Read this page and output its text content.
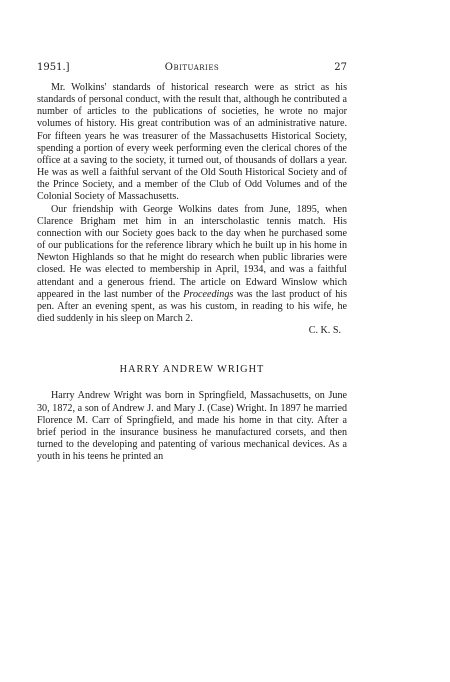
1951.]	Obituaries	27

Mr. Wolkins' standards of historical research were as strict as his standards of personal conduct, with the result that, although he contributed a number of articles to the publications of societies, he wrote no major volumes of history. His great contribution was of an administrative nature. For fifteen years he was treasurer of the Massachusetts Historical Society, spending a portion of every week performing even the clerical chores of the office at a saving to the society, it turned out, of thousands of dollars a year. He was as well a faithful servant of the Old South Historical Society and of the Prince Society, and a member of the Club of Odd Volumes and of the Colonial Society of Massachusetts.

Our friendship with George Wolkins dates from June, 1895, when Clarence Brigham met him in an interscholastic tennis match. His connection with our Society goes back to the day when he purchased some of our publications for the reference library which he built up in his home in Newton Highlands so that he might do research when public libraries were closed. He was elected to membership in April, 1934, and was a faithful attendant and a generous friend. The article on Edward Winslow which appeared in the last number of the Proceedings was the last product of his pen. After an evening spent, as was his custom, in reading to his wife, he died suddenly in his sleep on March 2.

C. K. S.

HARRY ANDREW WRIGHT

Harry Andrew Wright was born in Springfield, Massachusetts, on June 30, 1872, a son of Andrew J. and Mary J. (Case) Wright. In 1897 he married Florence M. Carr of Springfield, and made his home in that city. After a brief period in the insurance business he manufactured corsets, and then turned to the developing and patenting of various mechanical devices. As a youth in his teens he printed an
